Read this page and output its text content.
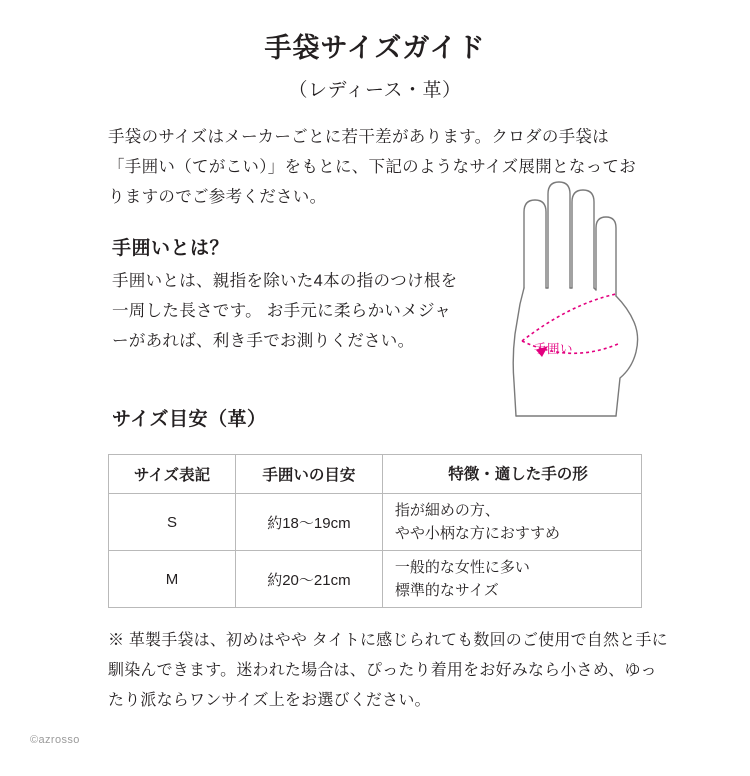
手袋サイズガイド
（レディース・革）
手袋のサイズはメーカーごとに若干差があります。クロダの手袋は「手囲い（てがこい）」をもとに、下記のようなサイズ展開となっておりますのでご参考ください。
手囲いとは？
手囲いとは、親指を除いた4本の指のつけ根を一周した長さです。 お手元に柔らかいメジャーがあれば、利き手でお測りください。	手囲い
サイズ目安（革）
サイズ表記	手囲いの目安	特徴・適した手の形
S	約18〜19cm	指が細めの方、
やや小柄な方におすすめ

M	約20〜21cm	一般的な女性に多い
標準的なサイズ
※ 革製手袋は、初めはやや タイトに感じられても数回のご使用で自然と手に馴染んできます。迷われた場合は、ぴったり着用をお好みなら小さめ、ゆったり派ならワンサイズ上をお選びください。
©azrosso
